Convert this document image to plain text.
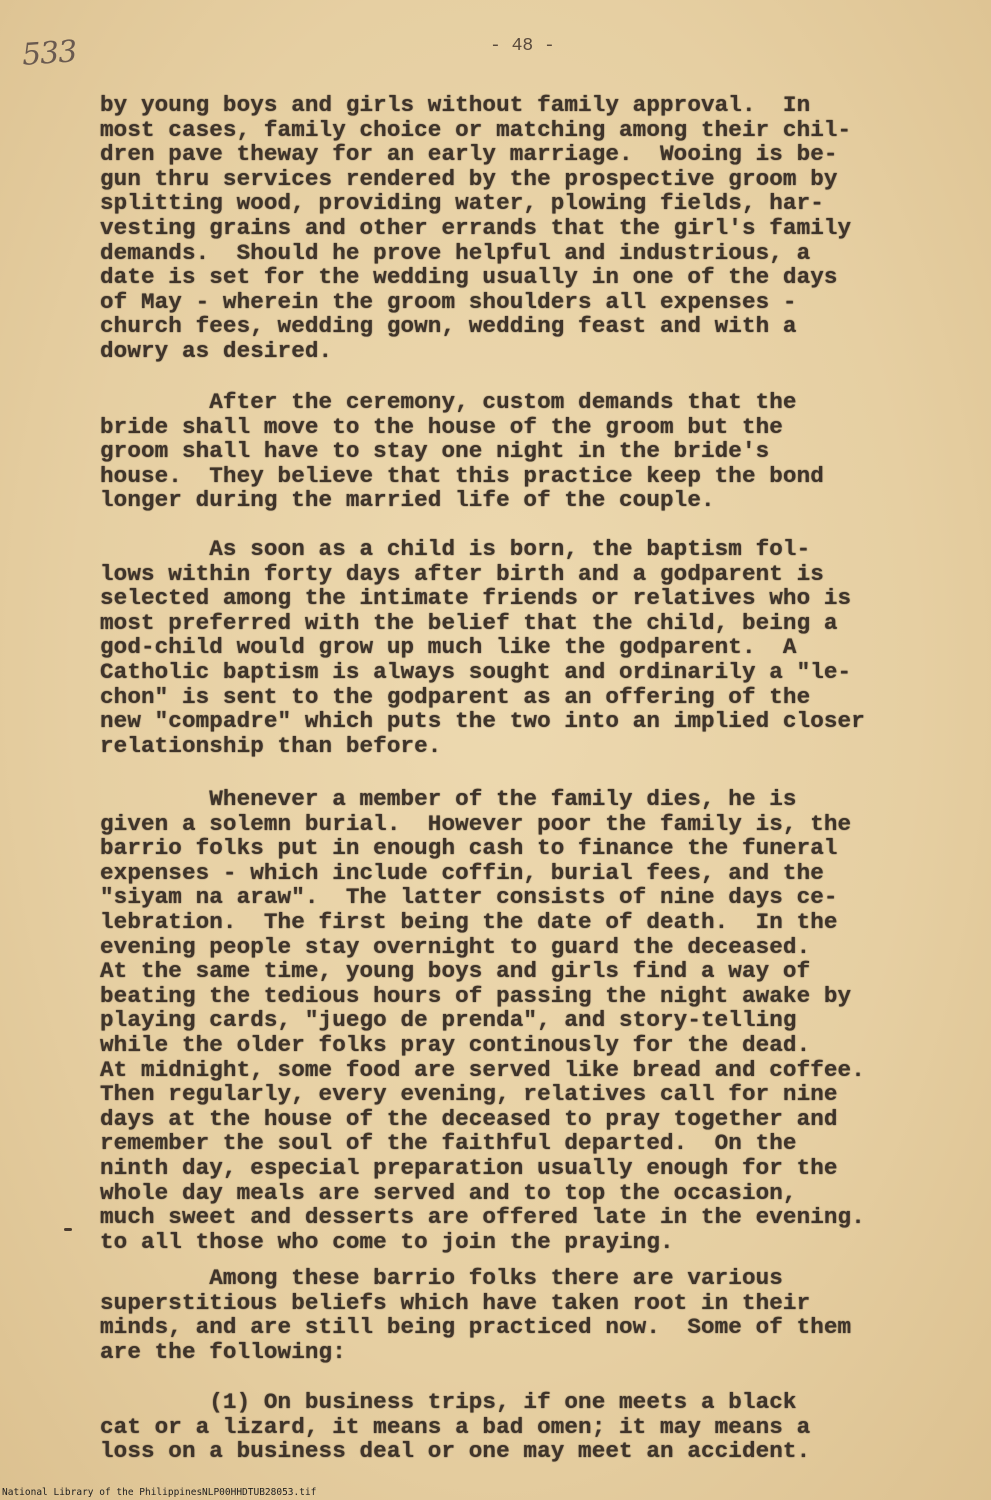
533	- 48 -
by young boys and girls without family approval.  In
most cases, family choice or matching among their chil-
dren pave theway for an early marriage.  Wooing is be-
gun thru services rendered by the prospective groom by
splitting wood, providing water, plowing fields, har-
vesting grains and other errands that the girl's family
demands.  Should he prove helpful and industrious, a
date is set for the wedding usually in one of the days
of May - wherein the groom shoulders all expenses -
church fees, wedding gown, wedding feast and with a
dowry as desired.
After the ceremony, custom demands that the
bride shall move to the house of the groom but the
groom shall have to stay one night in the bride's
house.  They believe that this practice keep the bond
longer during the married life of the couple.
As soon as a child is born, the baptism fol-
lows within forty days after birth and a godparent is
selected among the intimate friends or relatives who is
most preferred with the belief that the child, being a
god-child would grow up much like the godparent.  A
Catholic baptism is always sought and ordinarily a "le-
chon" is sent to the godparent as an offering of the
new "compadre" which puts the two into an implied closer
relationship than before.
Whenever a member of the family dies, he is
given a solemn burial.  However poor the family is, the
barrio folks put in enough cash to finance the funeral
expenses - which include coffin, burial fees, and the
"siyam na araw".  The latter consists of nine days ce-
lebration.  The first being the date of death.  In the
evening people stay overnight to guard the deceased.
At the same time, young boys and girls find a way of
beating the tedious hours of passing the night awake by
playing cards, "juego de prenda", and story-telling
while the older folks pray continously for the dead.
At midnight, some food are served like bread and coffee.
Then regularly, every evening, relatives call for nine
days at the house of the deceased to pray together and
remember the soul of the faithful departed.  On the
ninth day, especial preparation usually enough for the
whole day meals are served and to top the occasion,
much sweet and desserts are offered late in the evening.
to all those who come to join the praying.
Among these barrio folks there are various
superstitious beliefs which have taken root in their
minds, and are still being practiced now.  Some of them
are the following:
(1) On business trips, if one meets a black
cat or a lizard, it means a bad omen; it may means a
loss on a business deal or one may meet an accident.
National Library of the Philippines NLP00HHDTUB28053.tif
